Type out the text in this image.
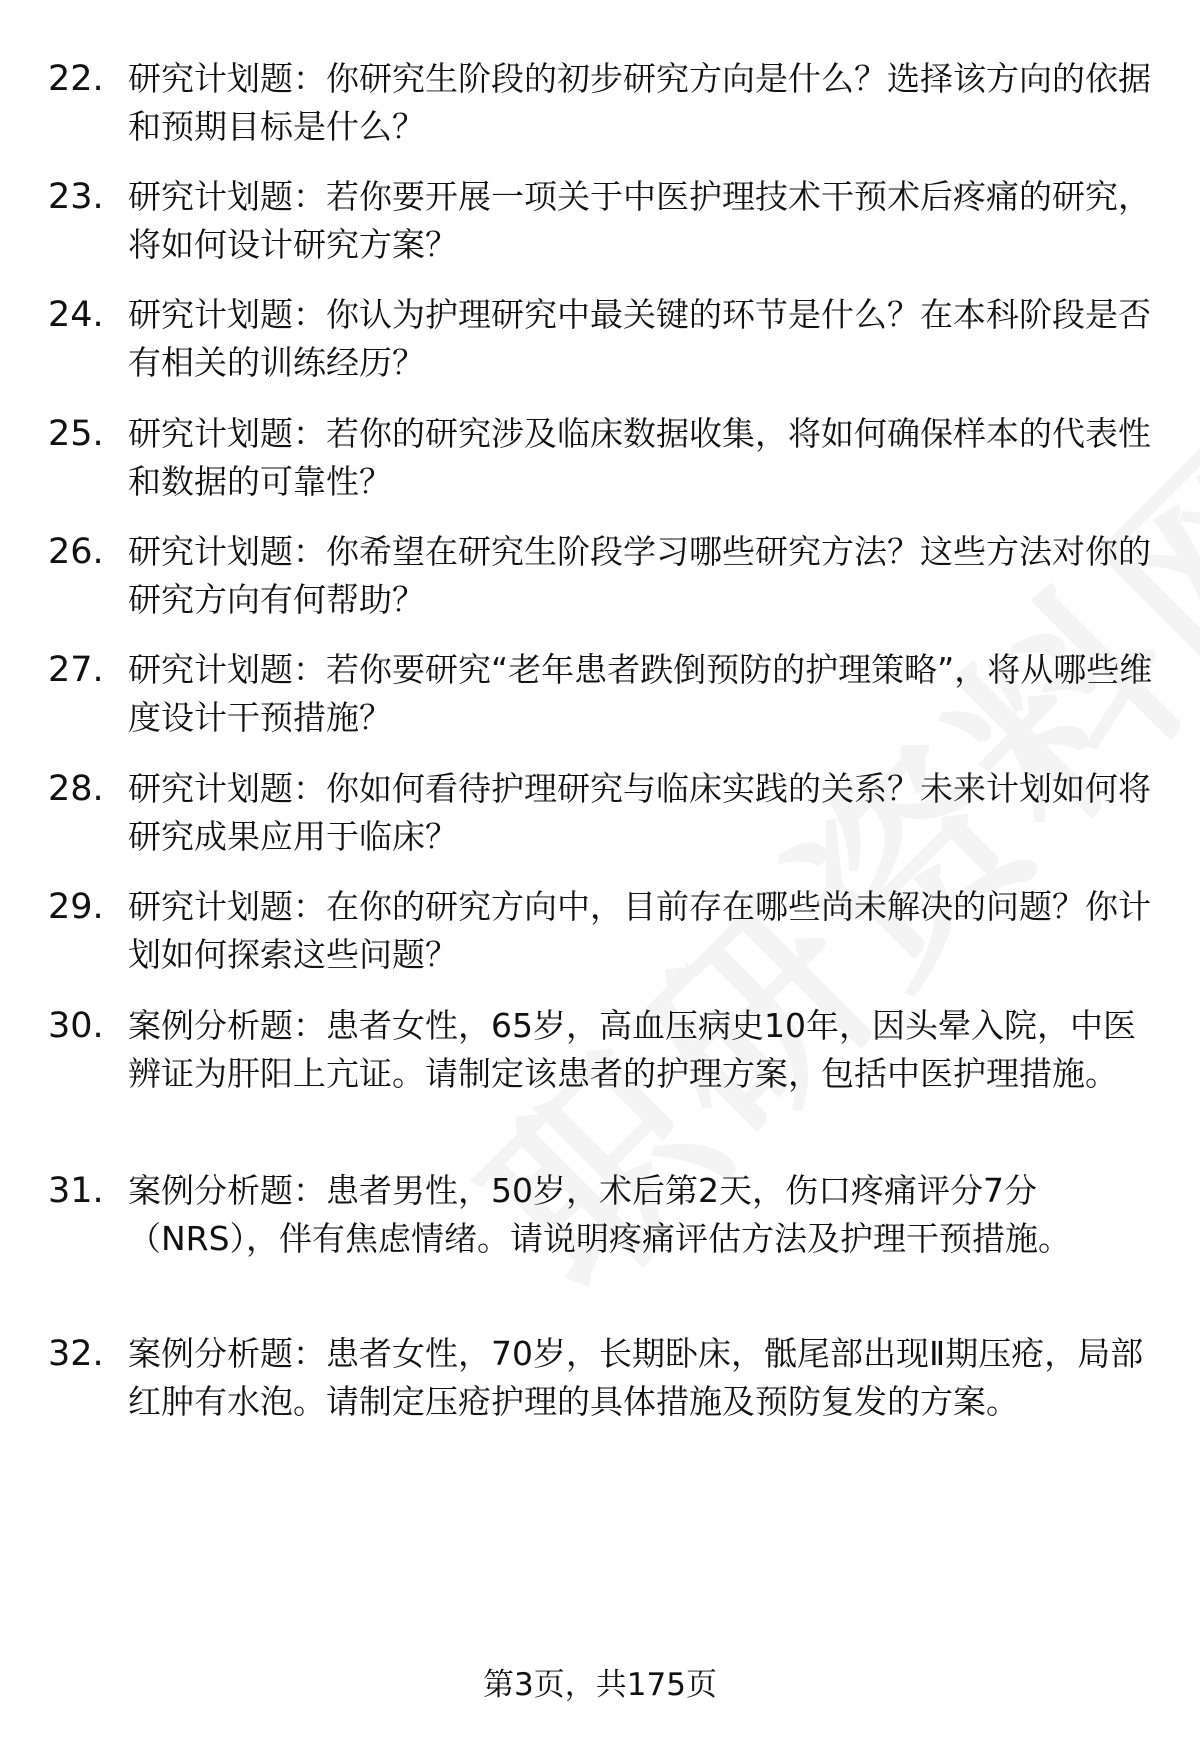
22. 研究计划题：你研究生阶段的初步研究方向是什么？选择该方向的依据和预期目标是什么？
23. 研究计划题：若你要开展一项关于中医护理技术干预术后疼痛的研究，将如何设计研究方案？
24. 研究计划题：你认为护理研究中最关键的环节是什么？在本科阶段是否有相关的训练经历？
25. 研究计划题：若你的研究涉及临床数据收集，将如何确保样本的代表性和数据的可靠性？
26. 研究计划题：你希望在研究生阶段学习哪些研究方法？这些方法对你的研究方向有何帮助？
27. 研究计划题：若你要研究“老年患者跌倒预防的护理策略”，将从哪些维度设计干预措施？
28. 研究计划题：你如何看待护理研究与临床实践的关系？未来计划如何将研究成果应用于临床？
29. 研究计划题：在你的研究方向中，目前存在哪些尚未解决的问题？你计划如何探索这些问题？
30. 案例分析题：患者女性，65岁，高血压病史10年，因头晕入院，中医辨证为肝阳上亢证。请制定该患者的护理方案，包括中医护理措施。
31. 案例分析题：患者男性，50岁，术后第2天，伤口疼痛评分7分（NRS），伴有焦虑情绪。请说明疼痛评估方法及护理干预措施。
32. 案例分析题：患者女性，70岁，长期卧床，骶尾部出现Ⅱ期压疮，局部红肿有水泡。请制定压疮护理的具体措施及预防复发的方案。
第3页，共175页
